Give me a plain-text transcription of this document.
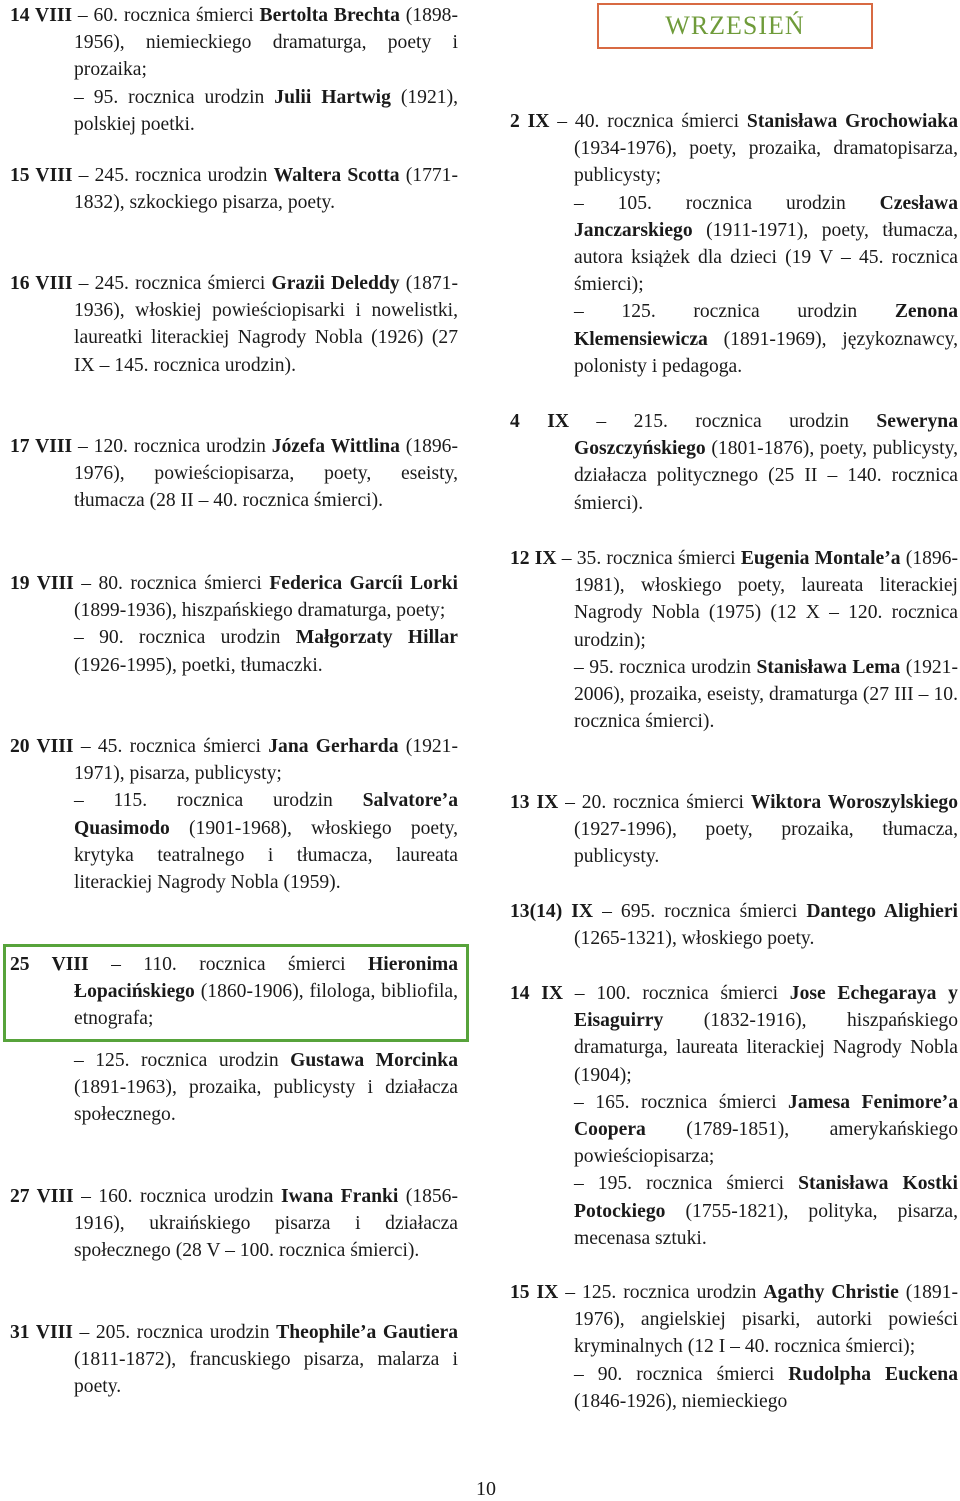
14 VIII – 60. rocznica śmierci Bertolta Brechta (1898-1956), niemieckiego dramaturga, poety i prozaika;
– 95. rocznica urodzin Julii Hartwig (1921), polskiej poetki.
15 VIII – 245. rocznica urodzin Waltera Scotta (1771-1832), szkockiego pisarza, poety.
16 VIII – 245. rocznica śmierci Grazii Deleddy (1871-1936), włoskiej powieściopisarki i nowelistki, laureatki literackiej Nagrody Nobla (1926) (27 IX – 145. rocznica urodzin).
17 VIII – 120. rocznica urodzin Józefa Wittlina (1896-1976), powieściopisarza, poety, eseisty, tłumacza (28 II – 40. rocznica śmierci).
19 VIII – 80. rocznica śmierci Federica Garcíi Lorki (1899-1936), hiszpańskiego dramaturga, poety;
– 90. rocznica urodzin Małgorzaty Hillar (1926-1995), poetki, tłumaczki.
20 VIII – 45. rocznica śmierci Jana Gerharda (1921-1971), pisarza, publicysty;
– 115. rocznica urodzin Salvatore’a Quasimodo (1901-1968), włoskiego poety, krytyka teatralnego i tłumacza, laureata literackiej Nagrody Nobla (1959).
25 VIII – 110. rocznica śmierci Hieronima Łopacińskiego (1860-1906), filologa, bibliofila, etnografa;
– 125. rocznica urodzin Gustawa Morcinka (1891-1963), prozaika, publicysty i działacza społecznego.
27 VIII – 160. rocznica urodzin Iwana Franki (1856-1916), ukraińskiego pisarza i działacza społecznego (28 V – 100. rocznica śmierci).
31 VIII – 205. rocznica urodzin Theophile’a Gautiera (1811-1872), francuskiego pisarza, malarza i poety.
WRZESIEŃ
2 IX – 40. rocznica śmierci Stanisława Grochowiaka (1934-1976), poety, prozaika, dramatopisarza, publicysty;
– 105. rocznica urodzin Czesława Janczarskiego (1911-1971), poety, tłumacza, autora książek dla dzieci (19 V – 45. rocznica śmierci);
– 125. rocznica urodzin Zenona Klemensiewicza (1891-1969), językoznawcy, polonisty i pedagoga.
4 IX – 215. rocznica urodzin Seweryna Goszczyńskiego (1801-1876), poety, publicysty, działacza politycznego (25 II – 140. rocznica śmierci).
12 IX – 35. rocznica śmierci Eugenia Montale’a (1896-1981), włoskiego poety, laureata literackiej Nagrody Nobla (1975) (12 X – 120. rocznica urodzin);
– 95. rocznica urodzin Stanisława Lema (1921-2006), prozaika, eseisty, dramaturga (27 III – 10. rocznica śmierci).
13 IX – 20. rocznica śmierci Wiktora Woroszylskiego (1927-1996), poety, prozaika, tłumacza, publicysty.
13(14) IX – 695. rocznica śmierci Dantego Alighieri (1265-1321), włoskiego poety.
14 IX – 100. rocznica śmierci Jose Echegaraya y Eisaguirry (1832-1916), hiszpańskiego dramaturga, laureata literackiej Nagrody Nobla (1904);
– 165. rocznica śmierci Jamesa Fenimore’a Coopera (1789-1851), amerykańskiego powieściopisarza;
– 195. rocznica śmierci Stanisława Kostki Potockiego (1755-1821), polityka, pisarza, mecenasa sztuki.
15 IX – 125. rocznica urodzin Agathy Christie (1891-1976), angielskiej pisarki, autorki powieści kryminalnych (12 I – 40. rocznica śmierci);
– 90. rocznica śmierci Rudolpha Euckena (1846-1926), niemieckiego
10
